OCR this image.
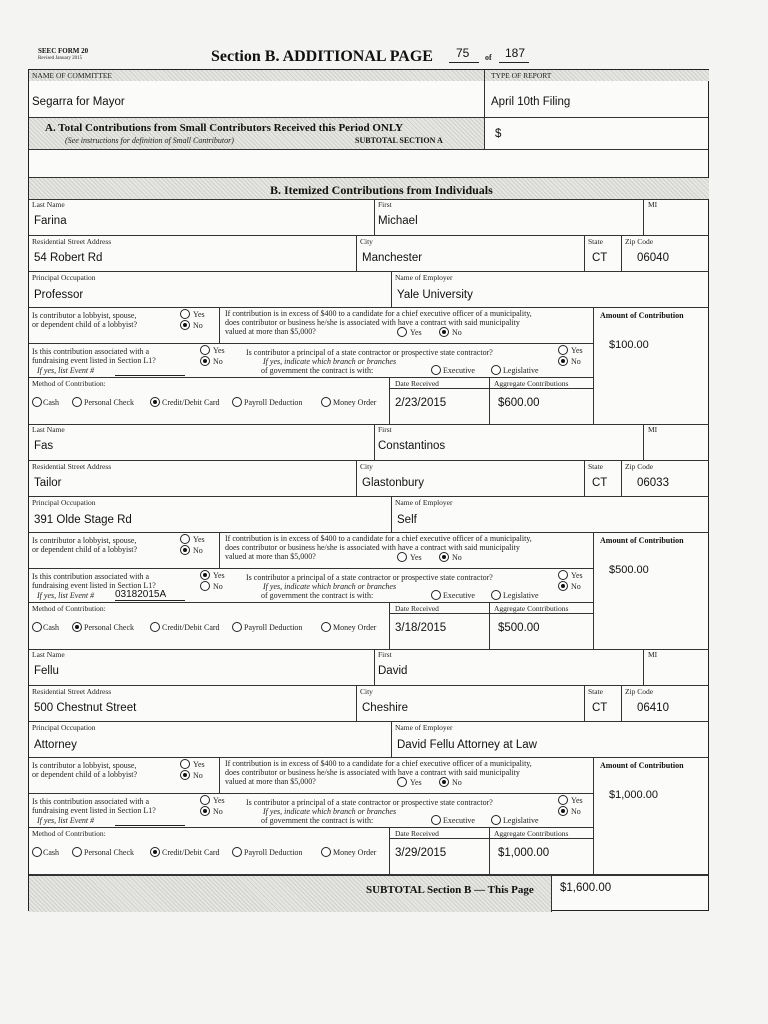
SEEC FORM 20
Revised January 2015	Section B. ADDITIONAL PAGE 75 of 187
NAME OF COMMITTEE	TYPE OF REPORT
Segarra for Mayor	April 10th Filing
A. Total Contributions from Small Contributors Received this Period ONLY
(See instructions for definition of Small Contributor)	SUBTOTAL SECTION A
$
B. Itemized Contributions from Individuals
Last Name	First	MI
Farina	Michael
Residential Street Address	City	State	Zip Code
54 Robert Rd	Manchester	CT	06040
Principal Occupation	Name of Employer
Professor	Yale University
Amount of Contribution
$100.00
Is contributor a lobbyist, spouse,
or dependent child of a lobbyist?
Yes
No
If contribution is in excess of $400 to a candidate for a chief executive officer of a municipality,
does contributor or business he/she is associated with have a contract with said municipality
valued at more than $5,000?	Yes	No
Is this contribution associated with a
fundraising event listed in Section L1?
If yes, list Event #
Yes
No
Is contributor a principal of a state contractor or prospective state contractor?
If yes, indicate which branch or branches
of government the contract is with:
Yes
No
Executive	Legislative
Method of Contribution:
Cash	Personal Check	Credit/Debit Card	Payroll Deduction	Money Order
Date Received	Aggregate Contributions
2/23/2015	$600.00
Last Name	First	MI
Fas	Constantinos
Residential Street Address	City	State	Zip Code
Tailor	Glastonbury	CT	06033
Principal Occupation	Name of Employer
391 Olde Stage Rd	Self
Amount of Contribution
$500.00
Is contributor a lobbyist, spouse,
or dependent child of a lobbyist?
Yes
No
If contribution is in excess of $400 to a candidate for a chief executive officer of a municipality,
does contributor or business he/she is associated with have a contract with said municipality
valued at more than $5,000?	Yes	No
Is this contribution associated with a
fundraising event listed in Section L1?
If yes, list Event # 03182015A
Yes
No
Is contributor a principal of a state contractor or prospective state contractor?
If yes, indicate which branch or branches
of government the contract is with:
Yes
No
Executive	Legislative
Method of Contribution:
Cash	Personal Check	Credit/Debit Card	Payroll Deduction	Money Order
Date Received	Aggregate Contributions
3/18/2015	$500.00
Last Name	First	MI
Fellu	David
Residential Street Address	City	State	Zip Code
500 Chestnut Street	Cheshire	CT	06410
Principal Occupation	Name of Employer
Attorney	David Fellu Attorney at Law
Amount of Contribution
$1,000.00
Is contributor a lobbyist, spouse,
or dependent child of a lobbyist?
Yes
No
If contribution is in excess of $400 to a candidate for a chief executive officer of a municipality,
does contributor or business he/she is associated with have a contract with said municipality
valued at more than $5,000?	Yes	No
Is this contribution associated with a
fundraising event listed in Section L1?
If yes, list Event #
Yes
No
Is contributor a principal of a state contractor or prospective state contractor?
If yes, indicate which branch or branches
of government the contract is with:
Yes
No
Executive	Legislative
Method of Contribution:
Cash	Personal Check	Credit/Debit Card	Payroll Deduction	Money Order
Date Received	Aggregate Contributions
3/29/2015	$1,000.00
SUBTOTAL Section B — This Page $1,600.00
